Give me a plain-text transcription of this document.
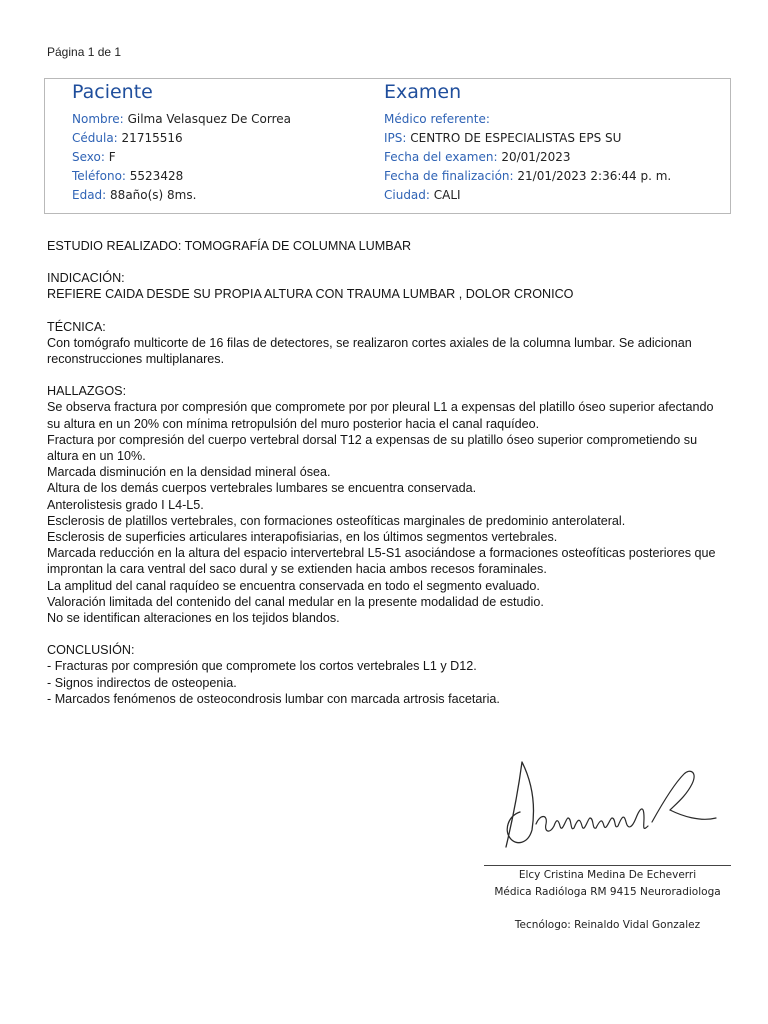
Página 1 de 1
Paciente
Nombre: Gilma Velasquez De Correa
Cédula: 21715516
Sexo: F
Teléfono: 5523428
Edad: 88año(s) 8ms.
Examen
Médico referente:
IPS: CENTRO DE ESPECIALISTAS EPS SU
Fecha del examen: 20/01/2023
Fecha de finalización: 21/01/2023 2:36:44 p. m.
Ciudad: CALI

ESTUDIO REALIZADO: TOMOGRAFÍA DE COLUMNA LUMBAR

INDICACIÓN:

REFIERE CAIDA DESDE SU PROPIA ALTURA CON TRAUMA LUMBAR , DOLOR CRONICO

TÉCNICA:

Con tomógrafo multicorte de 16 filas de detectores, se realizaron cortes axiales de la columna lumbar. Se adicionan reconstrucciones multiplanares.

HALLAZGOS:

Se observa fractura por compresión que compromete por por pleural L1 a expensas del platillo óseo superior afectando su altura en un 20% con mínima retropulsión del muro posterior hacia el canal raquídeo.

Fractura por compresión del cuerpo vertebral dorsal T12 a expensas de su platillo óseo superior comprometiendo su altura en un 10%.

Marcada disminución en la densidad mineral ósea.

Altura de los demás cuerpos vertebrales lumbares se encuentra conservada.

Anterolistesis grado I L4-L5.

Esclerosis de platillos vertebrales, con formaciones osteofíticas marginales de predominio anterolateral.

Esclerosis de superficies articulares interapofisiarias, en los últimos segmentos vertebrales.

Marcada reducción en la altura del espacio intervertebral L5-S1 asociándose a formaciones osteofíticas posteriores que improntan la cara ventral del saco dural y se extienden hacia ambos recesos foraminales.

La amplitud del canal raquídeo se encuentra conservada en todo el segmento evaluado.

Valoración limitada del contenido del canal medular en la presente modalidad de estudio.

No se identifican alteraciones en los tejidos blandos.

CONCLUSIÓN:

- Fracturas por compresión que compromete los cortos vertebrales L1 y D12.

- Signos indirectos de osteopenia.

- Marcados fenómenos de osteocondrosis lumbar con marcada artrosis facetaria.

Elcy Cristina Medina De Echeverri
Médica Radióloga RM 9415 Neuroradiologa
Tecnólogo: Reinaldo Vidal Gonzalez
